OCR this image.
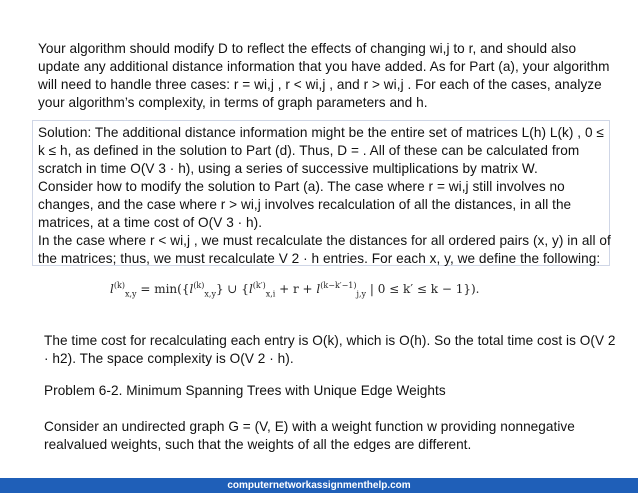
Your algorithm should modify D to reflect the effects of changing wi,j to r, and should also
update any additional distance information that you have added. As for Part (a), your algorithm
will need to handle three cases: r = wi,j , r < wi,j , and r > wi,j . For each of the cases, analyze
your algorithm’s complexity, in terms of graph parameters and h.
Solution: The additional distance information might be the entire set of matrices L(h) L(k) , 0 ≤
k ≤ h, as defined in the solution to Part (d). Thus, D = . All of these can be calculated from
scratch in time O(V 3 · h), using a series of successive multiplications by matrix W.
Consider how to modify the solution to Part (a). The case where r = wi,j still involves no
changes, and the case where r > wi,j involves recalculation of all the distances, in all the
matrices, at a time cost of O(V 3 · h).
In the case where r < wi,j , we must recalculate the distances for all ordered pairs (x, y) in all of
the matrices; thus, we must recalculate V 2 · h entries. For each x, y, we define the following:
$l^{(k)}_{x,y} = \min(\{l^{(k)}_{x,y}\}$ ∪ {$l^{(k')}_{x,i} + r + l^{(k-k'-1)}_{j,y}$ | 0 ≤ k′ ≤ k − 1}).
The time cost for recalculating each entry is O(k), which is O(h). So the total time cost is O(V 2
· h2). The space complexity is O(V 2 · h).
Problem 6-2. Minimum Spanning Trees with Unique Edge Weights
Consider an undirected graph G = (V, E) with a weight function w providing nonnegative
realvalued weights, such that the weights of all the edges are different.
computernetworkassignmenthelp.com
